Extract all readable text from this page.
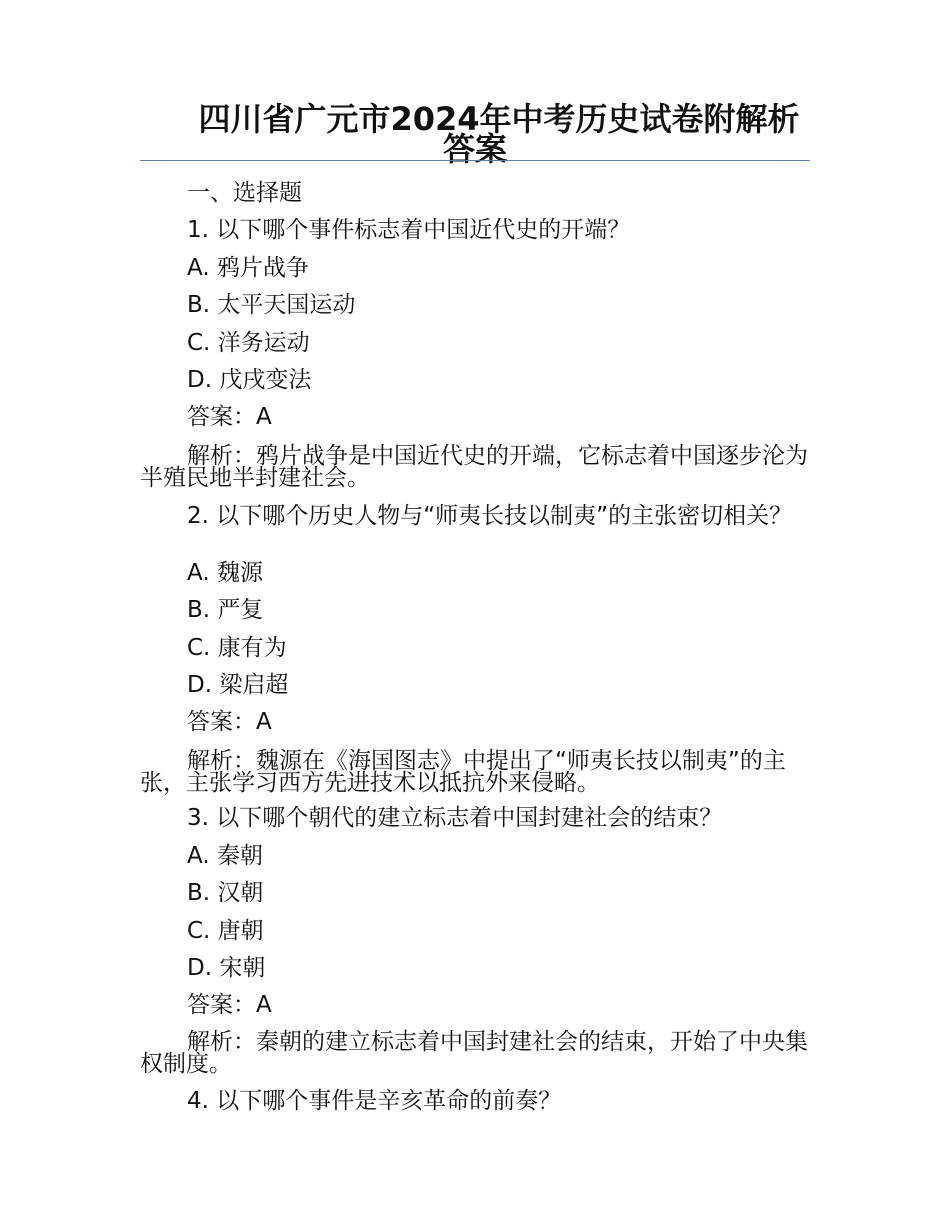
四川省广元市2024年中考历史试卷附解析答案
一、选择题
1. 以下哪个事件标志着中国近代史的开端？
A. 鸦片战争
B. 太平天国运动
C. 洋务运动
D. 戊戌变法
答案：A
解析：鸦片战争是中国近代史的开端，它标志着中国逐步沦为半殖民地半封建社会。
2. 以下哪个历史人物与“师夷长技以制夷”的主张密切相关？
A. 魏源
B. 严复
C. 康有为
D. 梁启超
答案：A
解析：魏源在《海国图志》中提出了“师夷长技以制夷”的主张，主张学习西方先进技术以抵抗外来侵略。
3. 以下哪个朝代的建立标志着中国封建社会的结束？
A. 秦朝
B. 汉朝
C. 唐朝
D. 宋朝
答案：A
解析：秦朝的建立标志着中国封建社会的结束，开始了中央集权制度。
4. 以下哪个事件是辛亥革命的前奏？
